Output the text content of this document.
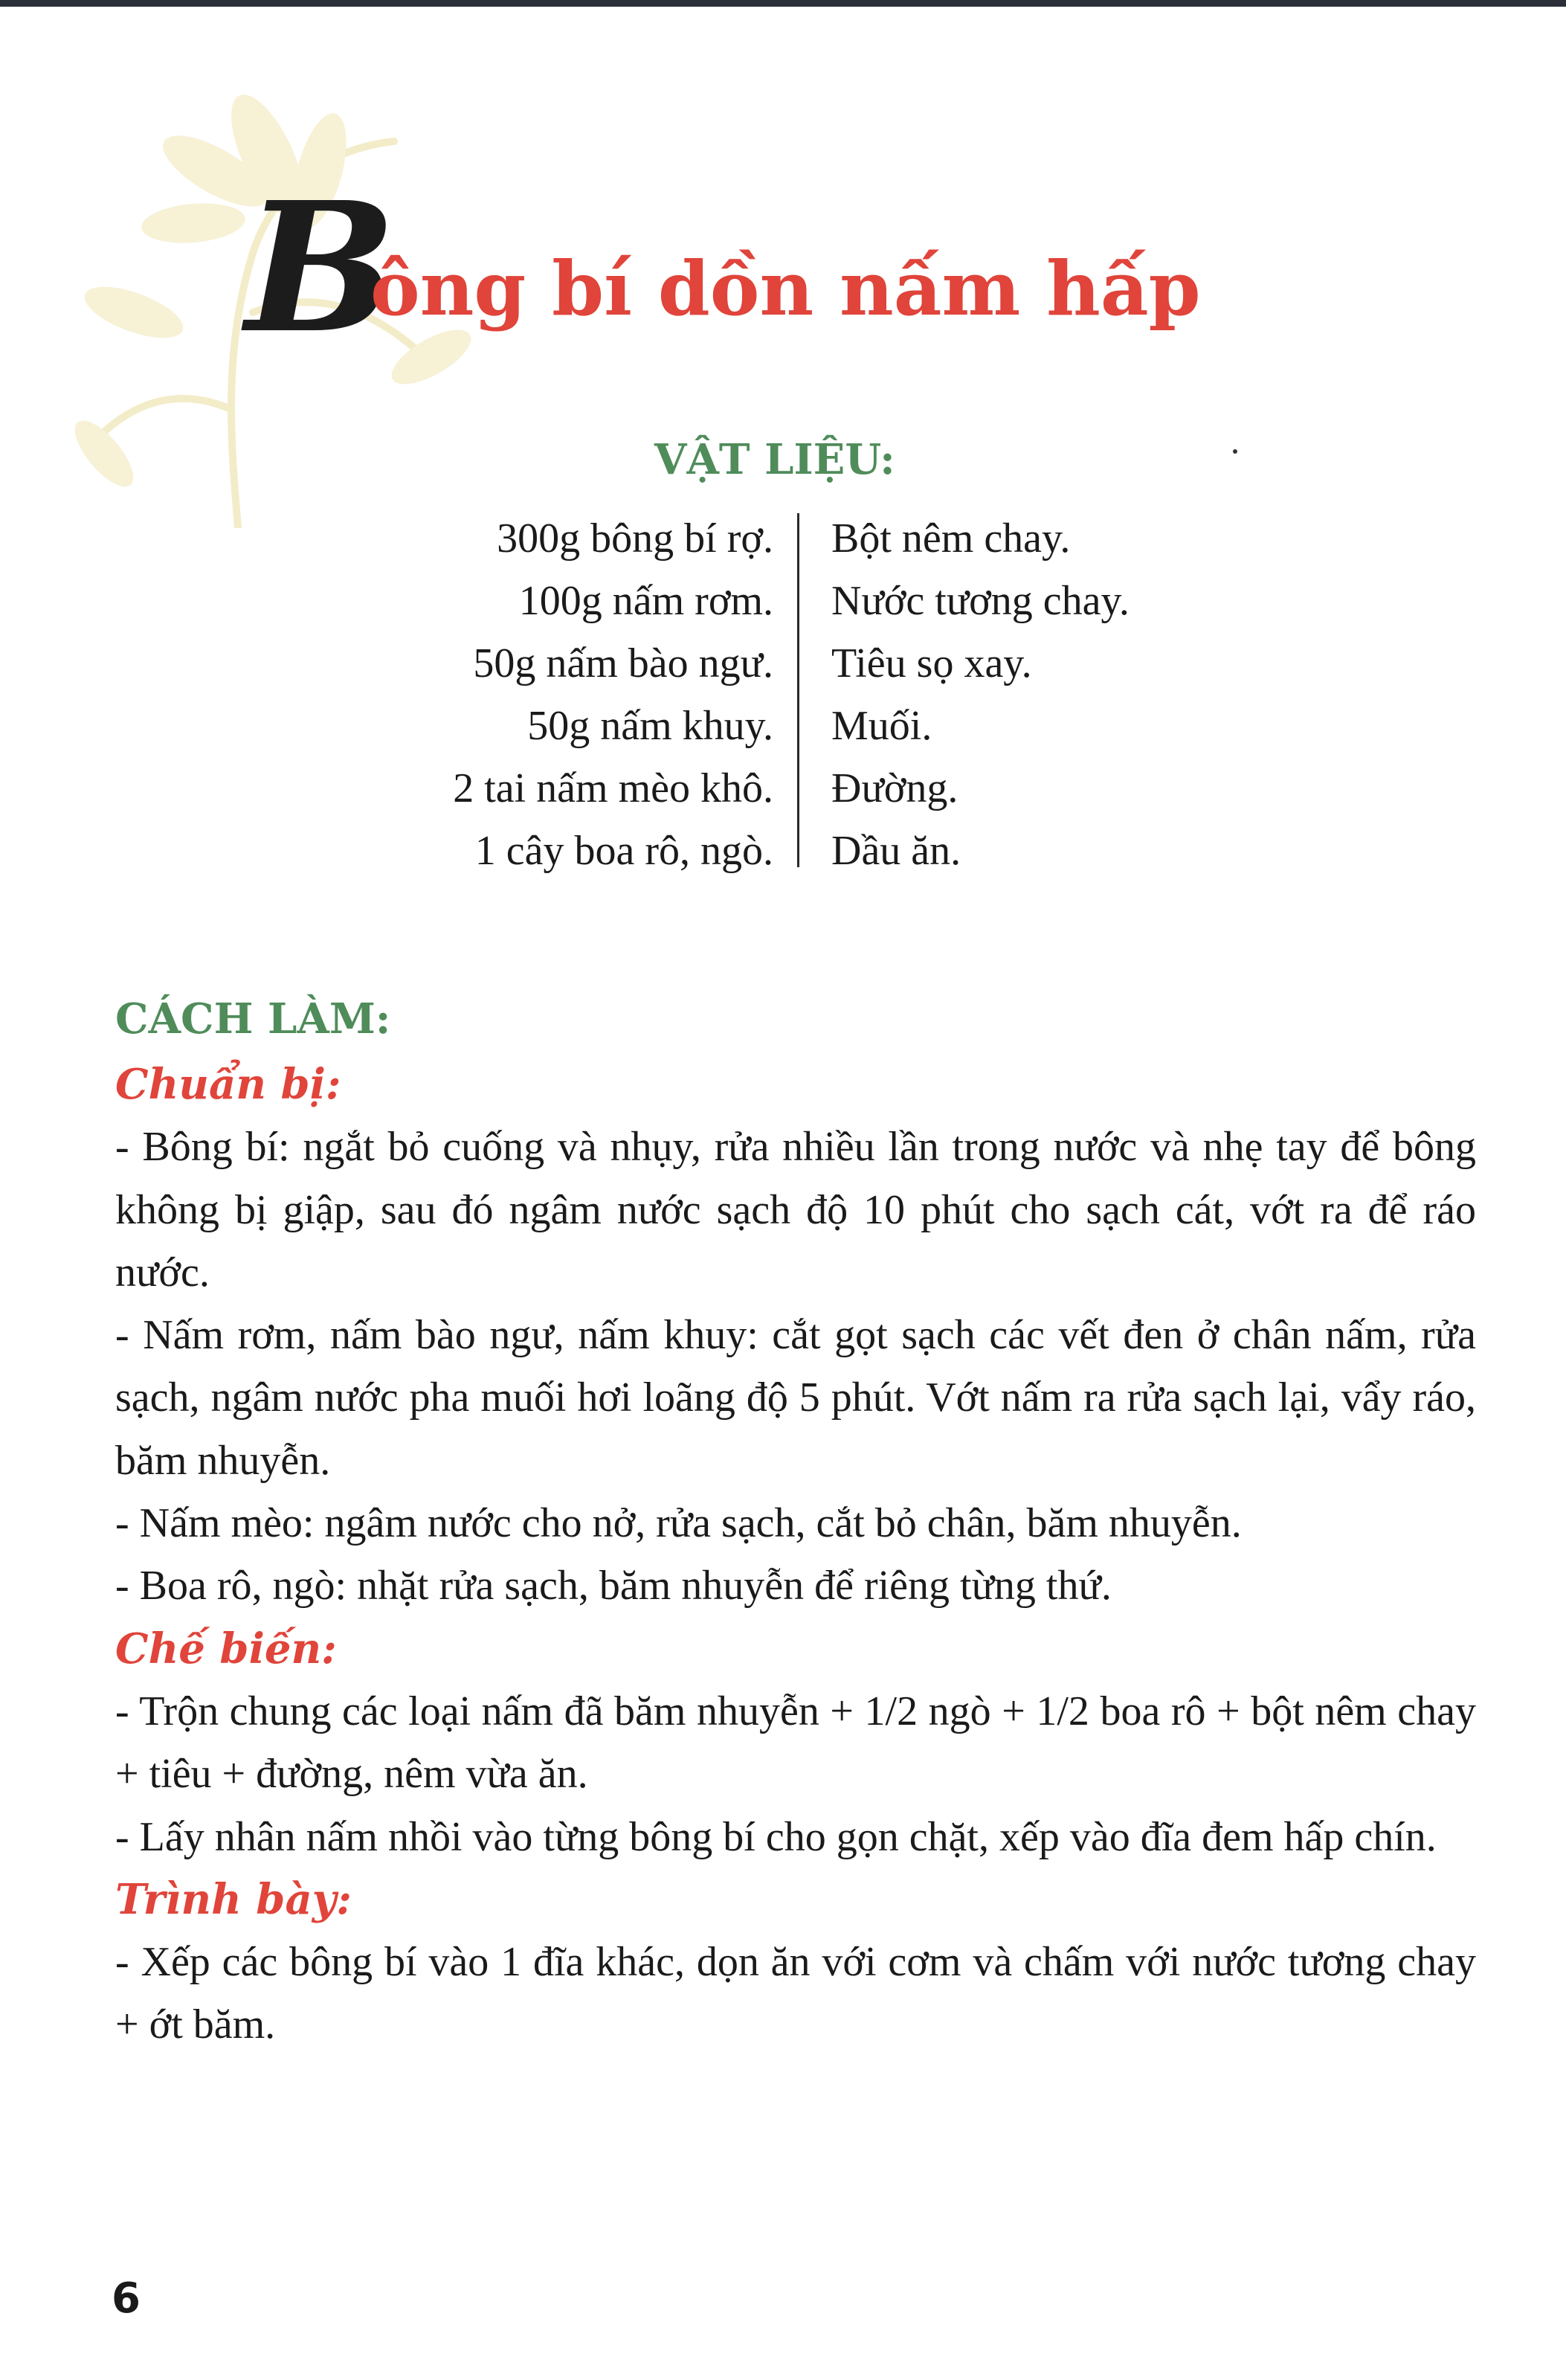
B
ông bí dồn nấm hấp
VẬT LIỆU:
300g bông bí rợ.
100g nấm rơm.
50g nấm bào ngư.
50g nấm khuy.
2 tai nấm mèo khô.
1 cây boa rô, ngò.
Bột nêm chay.
Nước tương chay.
Tiêu sọ xay.
Muối.
Đường.
Dầu ăn.
CÁCH LÀM:
Chuẩn bị:
- Bông bí: ngắt bỏ cuống và nhụy, rửa nhiều lần trong nước và nhẹ tay để bông không bị giập, sau đó ngâm nước sạch độ 10 phút cho sạch cát, vớt ra để ráo nước.
- Nấm rơm, nấm bào ngư, nấm khuy: cắt gọt sạch các vết đen ở chân nấm, rửa sạch, ngâm nước pha muối hơi loãng độ 5 phút. Vớt nấm ra rửa sạch lại, vẩy ráo, băm nhuyễn.
- Nấm mèo: ngâm nước cho nở, rửa sạch, cắt bỏ chân, băm nhuyễn.
- Boa rô, ngò: nhặt rửa sạch, băm nhuyễn để riêng từng thứ.
Chế biến:
- Trộn chung các loại nấm đã băm nhuyễn + 1/2 ngò + 1/2 boa rô + bột nêm chay + tiêu + đường, nêm vừa ăn.
- Lấy nhân nấm nhồi vào từng bông bí cho gọn chặt, xếp vào đĩa đem hấp chín.
Trình bày:
- Xếp các bông bí vào 1 đĩa khác, dọn ăn với cơm và chấm với nước tương chay + ớt băm.
6
